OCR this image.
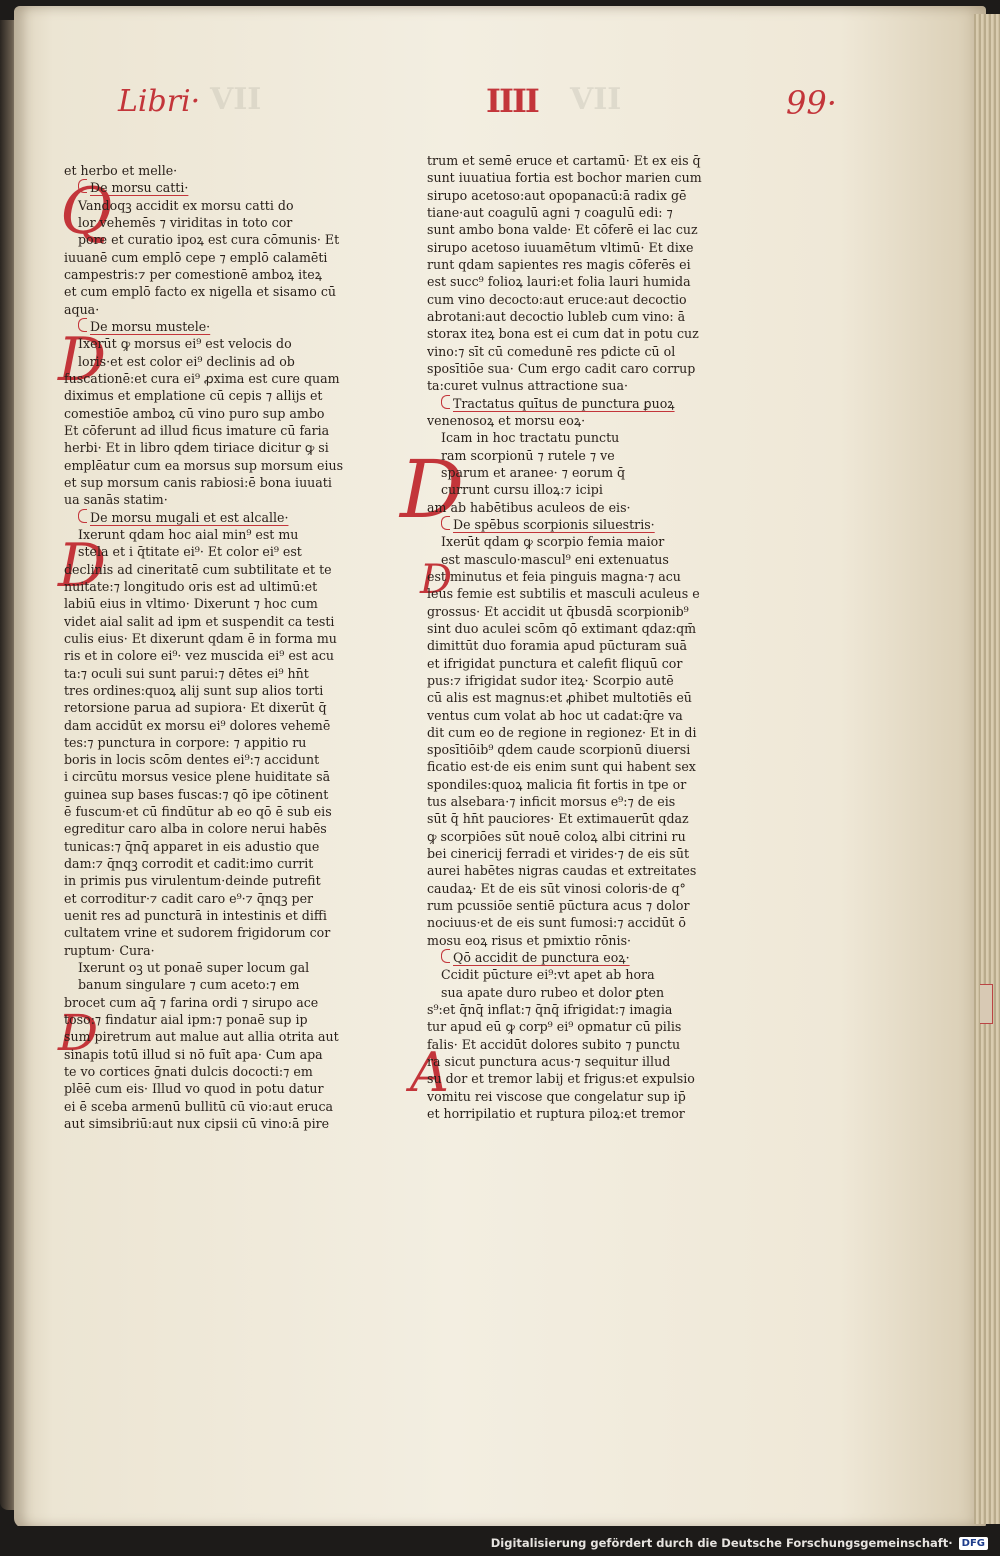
VII	VII
Libri·	IIII	99·
Q
D
D
D
D
D
A
et herbo et melle·
De morsu catti·
Vandoqꝫ accidit ex morsu catti do
lor vehemēs ⁊ viriditas in toto cor
pore et curatio ipoꝝ est cura cōmunis· Et
iuuanē cum emplō cepe ⁊ emplō calamēti
campestris:⁊ per comestionē amboꝝ iteꝝ
et cum emplō facto ex nigella et sisamo cū
aqua·
De morsu mustele·
Ixerūt ꝙ morsus ei⁹ est velocis do
loris·et est color ei⁹ declinis ad ob
fuscationē:et cura ei⁹ ꝓxima est cure quam
diximus et emplatione cū cepis ⁊ allijs et
comestiōe amboꝝ cū vino puro sup ambo
Et cōferunt ad illud ficus imature cū faria
herbi· Et in libro qdem tiriace dicitur ꝙ si
emplēatur cum ea morsus sup morsum eius
et sup morsum canis rabiosi:ē bona iuuati
ua sanās statim·
De morsu mugali et est alcalle·
Ixerunt qdam hoc aial min⁹ est mu
stela et i q̄titate ei⁹· Et color ei⁹ est
declinis ad cineritatē cum subtilitate et te
nuitate:⁊ longitudo oris est ad ultimū:et
labiū eius in vltimo· Dixerunt ⁊ hoc cum
videt aial salit ad ipm et suspendit ca testi
culis eius· Et dixerunt qdam ē in forma mu
ris et in colore ei⁹· vez muscida ei⁹ est acu
ta:⁊ oculi sui sunt parui:⁊ dētes ei⁹ hn̄t
tres ordines:quoꝝ alij sunt sup alios torti
retorsione parua ad supiora· Et dixerūt q̄
dam accidūt ex morsu ei⁹ dolores vehemē
tes:⁊ punctura in corpore: ⁊ appitio ru
boris in locis scōm dentes ei⁹:⁊ accidunt
i circūtu morsus vesice plene huiditate sā
guinea sup bases fuscas:⁊ qō ipe cōtinent
ē fuscum·et cū findūtur ab eo qō ē sub eis
egreditur caro alba in colore nerui habēs
tunicas:⁊ q̄nq̄ apparet in eis adustio que
dam:⁊ q̄nqꝫ corrodit et cadit:imo currit
in primis pus virulentum·deinde putrefit
et corroditur·⁊ cadit caro e⁹·⁊ q̄nqꝫ per
uenit res ad puncturā in intestinis et diffi
cultatem vrine et sudorem frigidorum cor
ruptum· Cura·
Ixerunt oꝫ ut ponaē super locum gal
banum singulare ⁊ cum aceto:⁊ em
brocet cum aq̄ ⁊ farina ordi ⁊ sirupo ace
toso:⁊ findatur aial ipm:⁊ ponaē sup ip
sum piretrum aut malue aut allia otrita aut
sinapis totū illud si nō fuīt apa· Cum apa
te vo cortices ḡnati dulcis dococti:⁊ em
plēē cum eis· Illud vo quod in potu datur
ei ē sceba armenū bullitū cū vio:aut eruca
aut simsibriū:aut nux cipsii cū vino:ā pire
trum et semē eruce et cartamū· Et ex eis q̄
sunt iuuatiua fortia est bochor marien cum
sirupo acetoso:aut opopanacū:ā radix gē
tiane·aut coagulū agni ⁊ coagulū edi: ⁊
sunt ambo bona valde· Et cōferē ei lac cuz
sirupo acetoso iuuamētum vltimū· Et dixe
runt qdam sapientes res magis cōferēs ei
est succ⁹ folioꝝ lauri:et folia lauri humida
cum vino decocto:aut eruce:aut decoctio
abrotani:aut decoctio lubleb cum vino: ā
storax iteꝝ bona est ei cum dat in potu cuz
vino:⁊ sīt cū comedunē res pdicte cū ol
sposītiōe sua· Cum ergo cadit caro corrup
ta:curet vulnus attractione sua·
Tractatus quītus de punctura ꝑuoꝝ
venenosoꝝ et morsu eoꝝ·
Icam in hoc tractatu punctu
ram scorpionū ⁊ rutele ⁊ ve
sparum et aranee· ⁊ eorum q̄
currunt cursu illoꝝ:⁊ icipi
am ab habētibus aculeos de eis·
De spēbus scorpionis siluestris·
Ixerūt qdam ꝙ scorpio femia maior
est masculo·mascul⁹ eni extenuatus
est minutus et feia pinguis magna·⁊ acu
leus femie est subtilis et masculi aculeus e
grossus· Et accidit ut q̄busdā scorpionib⁹
sint duo aculei scōm qō extimant qdaz:qm̄
dimittūt duo foramia apud pūcturam suā
et ifrigidat punctura et calefit fliquū cor
pus:⁊ ifrigidat sudor iteꝝ· Scorpio autē
cū alis est magnus:et ꝓhibet multotiēs eū
ventus cum volat ab hoc ut cadat:q̄re va
dit cum eo de regione in regionez· Et in di
sposītiōib⁹ qdem caude scorpionū diuersi
ficatio est·de eis enim sunt qui habent sex
spondiles:quoꝝ malicia fit fortis in tpe or
tus alsebara·⁊ inficit morsus e⁹:⁊ de eis
sūt q̄ hn̄t pauciores· Et extimauerūt qdaz
ꝙ scorpiōes sūt nouē coloꝝ albi citrini ru
bei cinericij ferradi et virides·⁊ de eis sūt
aurei habētes nigras caudas et extreitates
caudaꝝ· Et de eis sūt vinosi coloris·de q°
rum pcussiōe sentiē pūctura acus ⁊ dolor
nociuus·et de eis sunt fumosi:⁊ accidūt ō
mosu eoꝝ risus et pmixtio rōnis·
Qō accidit de punctura eoꝝ·
Ccidit pūcture ei⁹:vt apet ab hora
sua apate duro rubeo et dolor ꝑten
s⁹:et q̄nq̄ inflat:⁊ q̄nq̄ ifrigidat:⁊ imagia
tur apud eū ꝙ corp⁹ ei⁹ opmatur cū pilis
falis· Et accidūt dolores subito ⁊ punctu
ra sicut punctura acus·⁊ sequitur illud
su dor et tremor labij et frigus:et expulsio
vomitu rei viscose que congelatur sup ip̄
et horripilatio et ruptura piloꝝ:et tremor
Digitalisierung gefördert durch die Deutsche Forschungsgemeinschaft· DFG
